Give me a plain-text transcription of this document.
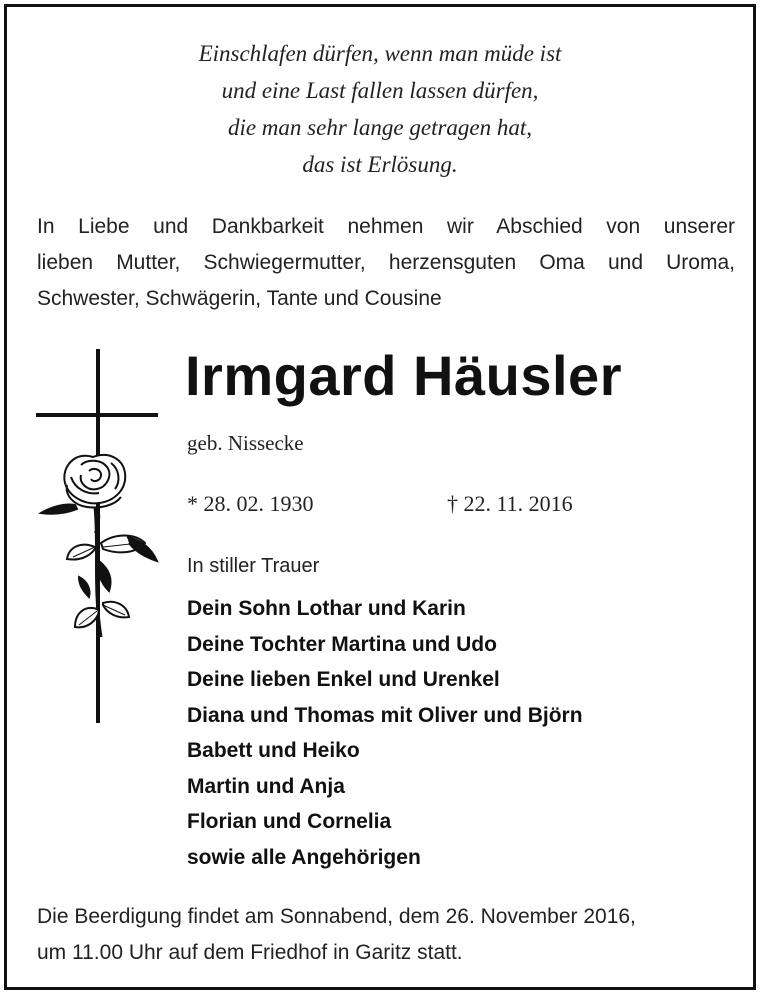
Einschlafen dürfen, wenn man müde ist
und eine Last fallen lassen dürfen,
die man sehr lange getragen hat,
das ist Erlösung.
In Liebe und Dankbarkeit nehmen wir Abschied von unserer
lieben Mutter, Schwiegermutter, herzensguten Oma und Uroma,
Schwester, Schwägerin, Tante und Cousine
Irmgard Häusler
geb. Nissecke
* 28. 02. 1930	† 22. 11. 2016
In stiller Trauer
Dein Sohn Lothar und Karin
Deine Tochter Martina und Udo
Deine lieben Enkel und Urenkel
Diana und Thomas mit Oliver und Björn
Babett und Heiko
Martin und Anja
Florian und Cornelia
sowie alle Angehörigen
Die Beerdigung findet am Sonnabend, dem 26. November 2016,
um 11.00 Uhr auf dem Friedhof in Garitz statt.
